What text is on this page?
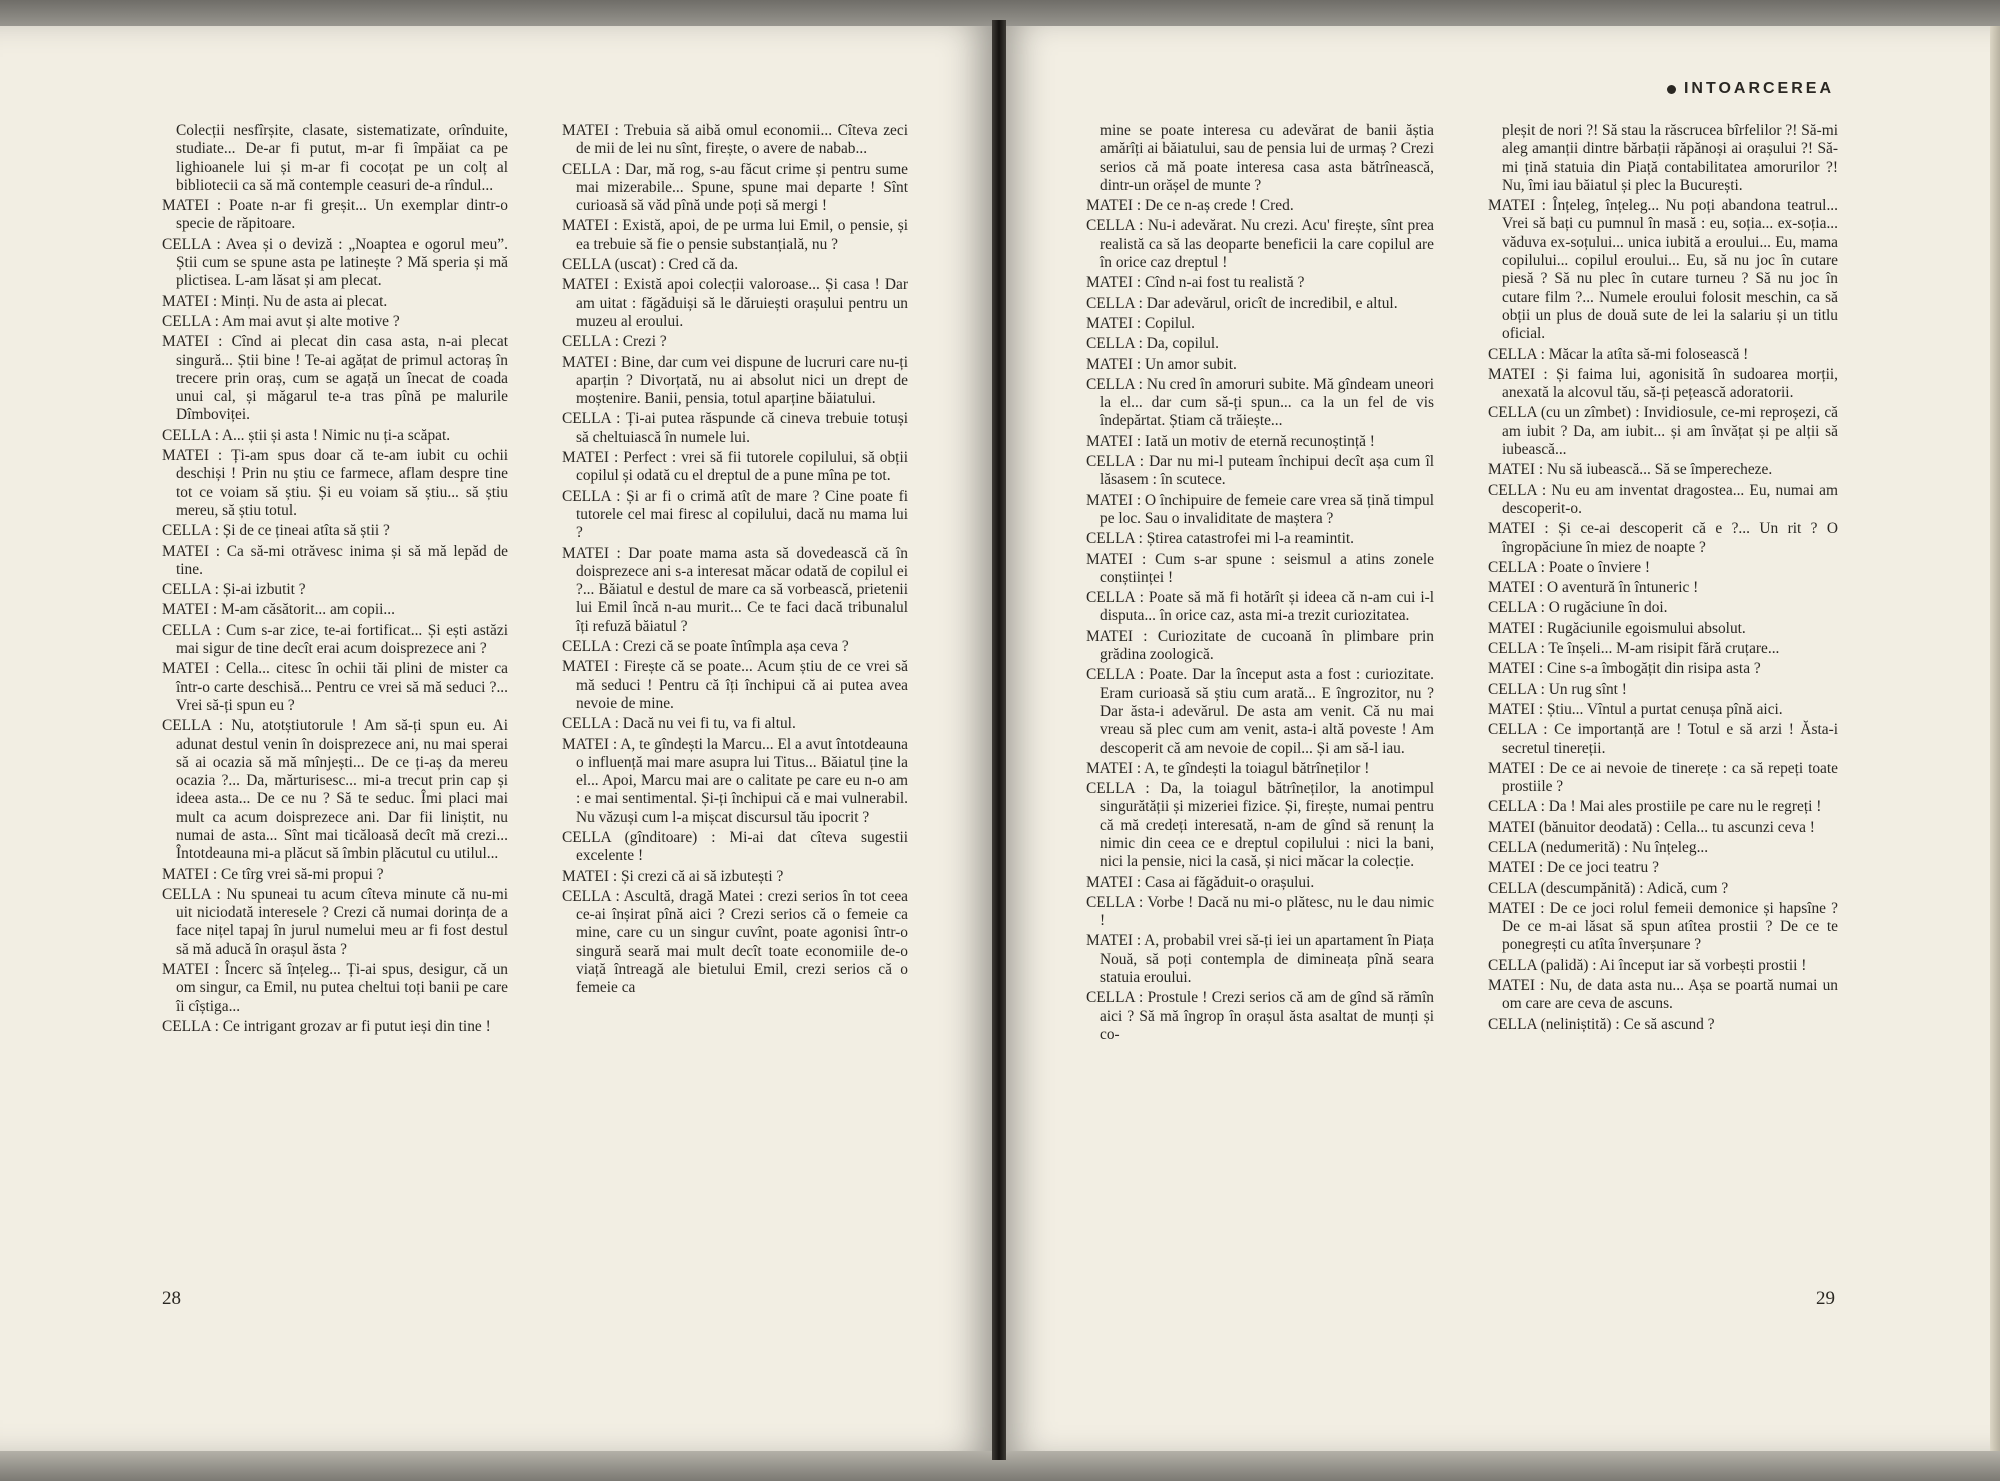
INTOARCEREA

Colecții nesfîrșite, clasate, sistematizate, orînduite, studiate... De-ar fi putut, m-ar fi împăiat ca pe lighioanele lui și m-ar fi cocoțat pe un colț al bibliotecii ca să mă contemple ceasuri de-a rîndul...

MATEI : Poate n-ar fi greșit... Un exemplar dintr-o specie de răpitoare.

CELLA : Avea și o deviză : „Noaptea e ogorul meu”. Știi cum se spune asta pe latinește ? Mă speria și mă plictisea. L-am lăsat și am plecat.

MATEI : Minți. Nu de asta ai plecat.

CELLA : Am mai avut și alte motive ?

MATEI : Cînd ai plecat din casa asta, n-ai plecat singură... Știi bine ! Te-ai agățat de primul actoraș în trecere prin oraș, cum se agață un înecat de coada unui cal, și măgarul te-a tras pînă pe malurile Dîmboviței.

CELLA : A... știi și asta ! Nimic nu ți-a scăpat.

MATEI : Ți-am spus doar că te-am iubit cu ochii deschiși ! Prin nu știu ce farmece, aflam despre tine tot ce voiam să știu. Și eu voiam să știu... să știu mereu, să știu totul.

CELLA : Și de ce țineai atîta să știi ?

MATEI : Ca să-mi otrăvesc inima și să mă lepăd de tine.

CELLA : Și-ai izbutit ?

MATEI : M-am căsătorit... am copii...

CELLA : Cum s-ar zice, te-ai fortificat... Și ești astăzi mai sigur de tine decît erai acum doisprezece ani ?

MATEI : Cella... citesc în ochii tăi plini de mister ca într-o carte deschisă... Pentru ce vrei să mă seduci ?... Vrei să-ți spun eu ?

CELLA : Nu, atotștiutorule ! Am să-ți spun eu. Ai adunat destul venin în doisprezece ani, nu mai sperai să ai ocazia să mă mînjești... De ce ți-aș da mereu ocazia ?... Da, mărturisesc... mi-a trecut prin cap și ideea asta... De ce nu ? Să te seduc. Îmi placi mai mult ca acum doisprezece ani. Dar fii liniștit, nu numai de asta... Sînt mai ticăloasă decît mă crezi... Întotdeauna mi-a plăcut să îmbin plăcutul cu utilul...

MATEI : Ce tîrg vrei să-mi propui ?

CELLA : Nu spuneai tu acum cîteva minute că nu-mi uit niciodată interesele ? Crezi că numai dorința de a face nițel tapaj în jurul numelui meu ar fi fost destul să mă aducă în orașul ăsta ?

MATEI : Încerc să înțeleg... Ți-ai spus, desigur, că un om singur, ca Emil, nu putea cheltui toți banii pe care îi cîștiga...

CELLA : Ce intrigant grozav ar fi putut ieși din tine !

MATEI : Trebuia să aibă omul economii... Cîteva zeci de mii de lei nu sînt, firește, o avere de nabab...

CELLA : Dar, mă rog, s-au făcut crime și pentru sume mai mizerabile... Spune, spune mai departe ! Sînt curioasă să văd pînă unde poți să mergi !

MATEI : Există, apoi, de pe urma lui Emil, o pensie, și ea trebuie să fie o pensie substanțială, nu ?

CELLA (uscat) : Cred că da.

MATEI : Există apoi colecții valoroase... Și casa ! Dar am uitat : făgăduiși să le dăruiești orașului pentru un muzeu al eroului.

CELLA : Crezi ?

MATEI : Bine, dar cum vei dispune de lucruri care nu-ți aparțin ? Divorțată, nu ai absolut nici un drept de moștenire. Banii, pensia, totul aparține băiatului.

CELLA : Ți-ai putea răspunde că cineva trebuie totuși să cheltuiască în numele lui.

MATEI : Perfect : vrei să fii tutorele copilului, să obții copilul și odată cu el dreptul de a pune mîna pe tot.

CELLA : Și ar fi o crimă atît de mare ? Cine poate fi tutorele cel mai firesc al copilului, dacă nu mama lui ?

MATEI : Dar poate mama asta să dovedească că în doisprezece ani s-a interesat măcar odată de copilul ei ?... Băiatul e destul de mare ca să vorbească, prietenii lui Emil încă n-au murit... Ce te faci dacă tribunalul îți refuză băiatul ?

CELLA : Crezi că se poate întîmpla așa ceva ?

MATEI : Firește că se poate... Acum știu de ce vrei să mă seduci ! Pentru că îți închipui că ai putea avea nevoie de mine.

CELLA : Dacă nu vei fi tu, va fi altul.

MATEI : A, te gîndești la Marcu... El a avut întotdeauna o influență mai mare asupra lui Titus... Băiatul ține la el... Apoi, Marcu mai are o calitate pe care eu n-o am : e mai sentimental. Și-ți închipui că e mai vulnerabil. Nu văzuși cum l-a mișcat discursul tău ipocrit ?

CELLA (gînditoare) : Mi-ai dat cîteva sugestii excelente !

MATEI : Și crezi că ai să izbutești ?

CELLA : Ascultă, dragă Matei : crezi serios în tot ceea ce-ai înșirat pînă aici ? Crezi serios că o femeie ca mine, care cu un singur cuvînt, poate agonisi într-o singură seară mai mult decît toate economiile de-o viață întreagă ale bietului Emil, crezi serios că o femeie ca

mine se poate interesa cu adevărat de banii ăștia amărîți ai băiatului, sau de pensia lui de urmaș ? Crezi serios că mă poate interesa casa asta bătrînească, dintr-un orășel de munte ?

MATEI : De ce n-aș crede ! Cred.

CELLA : Nu-i adevărat. Nu crezi. Acu' firește, sînt prea realistă ca să las deoparte beneficii la care copilul are în orice caz dreptul !

MATEI : Cînd n-ai fost tu realistă ?

CELLA : Dar adevărul, oricît de incredibil, e altul.

MATEI : Copilul.

CELLA : Da, copilul.

MATEI : Un amor subit.

CELLA : Nu cred în amoruri subite. Mă gîndeam uneori la el... dar cum să-ți spun... ca la un fel de vis îndepărtat. Știam că trăiește...

MATEI : Iată un motiv de eternă recunoștință !

CELLA : Dar nu mi-l puteam închipui decît așa cum îl lăsasem : în scutece.

MATEI : O închipuire de femeie care vrea să țină timpul pe loc. Sau o invaliditate de maștera ?

CELLA : Știrea catastrofei mi l-a reamintit.

MATEI : Cum s-ar spune : seismul a atins zonele conștiinței !

CELLA : Poate să mă fi hotărît și ideea că n-am cui i-l disputa... în orice caz, asta mi-a trezit curiozitatea.

MATEI : Curiozitate de cucoană în plimbare prin grădina zoologică.

CELLA : Poate. Dar la început asta a fost : curiozitate. Eram curioasă să știu cum arată... E îngrozitor, nu ? Dar ăsta-i adevărul. De asta am venit. Că nu mai vreau să plec cum am venit, asta-i altă poveste ! Am descoperit că am nevoie de copil... Și am să-l iau.

MATEI : A, te gîndești la toiagul bătrîneților !

CELLA : Da, la toiagul bătrîneților, la anotimpul singurătății și mizeriei fizice. Și, firește, numai pentru că mă credeți interesată, n-am de gînd să renunț la nimic din ceea ce e dreptul copilului : nici la bani, nici la pensie, nici la casă, și nici măcar la colecție.

MATEI : Casa ai făgăduit-o orașului.

CELLA : Vorbe ! Dacă nu mi-o plătesc, nu le dau nimic !

MATEI : A, probabil vrei să-ți iei un apartament în Piața Nouă, să poți contempla de dimineața pînă seara statuia eroului.

CELLA : Prostule ! Crezi serios că am de gînd să rămîn aici ? Să mă îngrop în orașul ăsta asaltat de munți și co-

pleșit de nori ?! Să stau la răscrucea bîrfelilor ?! Să-mi aleg amanții dintre bărbații răpănoși ai orașului ?! Să-mi țină statuia din Piață contabilitatea amorurilor ?! Nu, îmi iau băiatul și plec la București.

MATEI : Înțeleg, înțeleg... Nu poți abandona teatrul... Vrei să bați cu pumnul în masă : eu, soția... ex-soția... văduva ex-soțului... unica iubită a eroului... Eu, mama copilului... copilul eroului... Eu, să nu joc în cutare piesă ? Să nu plec în cutare turneu ? Să nu joc în cutare film ?... Numele eroului folosit meschin, ca să obții un plus de două sute de lei la salariu și un titlu oficial.

CELLA : Măcar la atîta să-mi folosească !

MATEI : Și faima lui, agonisită în sudoarea morții, anexată la alcovul tău, să-ți pețească adoratorii.

CELLA (cu un zîmbet) : Invidiosule, ce-mi reproșezi, că am iubit ? Da, am iubit... și am învățat și pe alții să iubească...

MATEI : Nu să iubească... Să se împerecheze.

CELLA : Nu eu am inventat dragostea... Eu, numai am descoperit-o.

MATEI : Și ce-ai descoperit că e ?... Un rit ? O îngropăciune în miez de noapte ?

CELLA : Poate o înviere !

MATEI : O aventură în întuneric !

CELLA : O rugăciune în doi.

MATEI : Rugăciunile egoismului absolut.

CELLA : Te înșeli... M-am risipit fără cruțare...

MATEI : Cine s-a îmbogățit din risipa asta ?

CELLA : Un rug sînt !

MATEI : Știu... Vîntul a purtat cenușa pînă aici.

CELLA : Ce importanță are ! Totul e să arzi ! Ăsta-i secretul tinereții.

MATEI : De ce ai nevoie de tinerețe : ca să repeți toate prostiile ?

CELLA : Da ! Mai ales prostiile pe care nu le regreți !

MATEI (bănuitor deodată) : Cella... tu ascunzi ceva !

CELLA (nedumerită) : Nu înțeleg...

MATEI : De ce joci teatru ?

CELLA (descumpănită) : Adică, cum ?

MATEI : De ce joci rolul femeii demonice și hapsîne ? De ce m-ai lăsat să spun atîtea prostii ? De ce te ponegrești cu atîta înverșunare ?

CELLA (palidă) : Ai început iar să vorbești prostii !

MATEI : Nu, de data asta nu... Așa se poartă numai un om care are ceva de ascuns.

CELLA (neliniștită) : Ce să ascund ?

28	29
